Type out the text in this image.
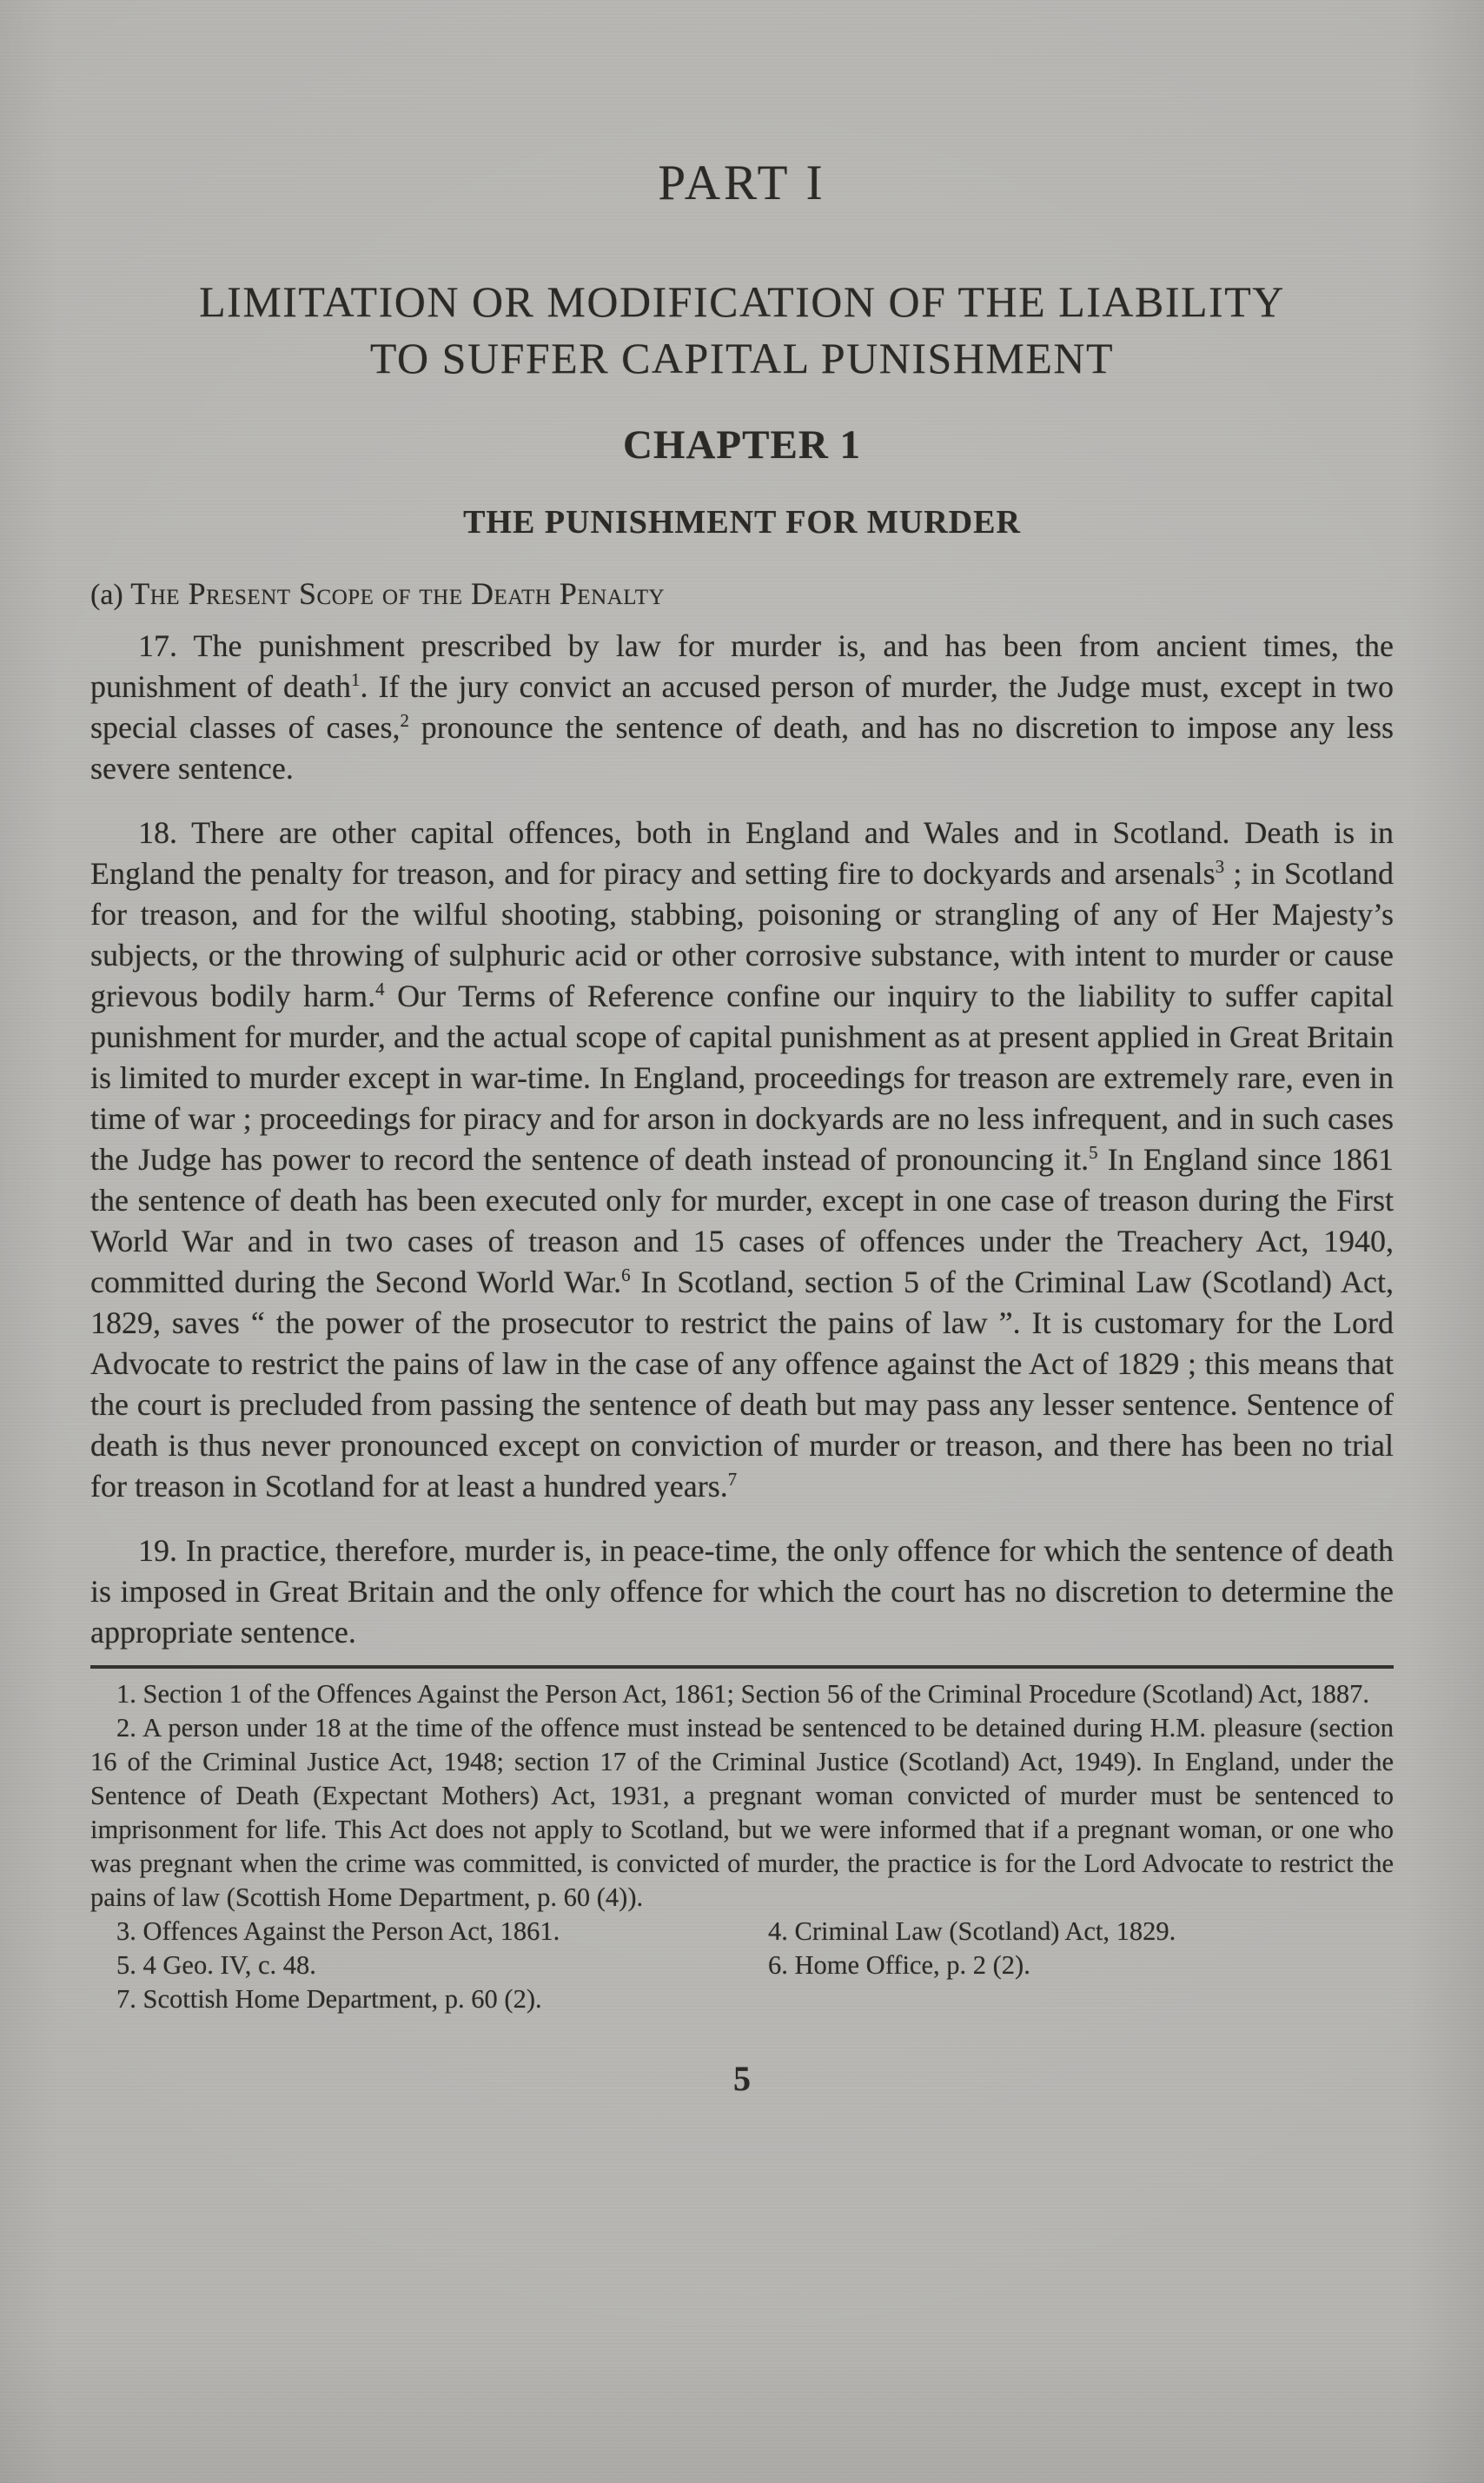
PART I
LIMITATION OR MODIFICATION OF THE LIABILITY
TO SUFFER CAPITAL PUNISHMENT
CHAPTER 1
THE PUNISHMENT FOR MURDER
(a) The Present Scope of the Death Penalty

17. The punishment prescribed by law for murder is, and has been from ancient times, the punishment of death$^1$. If the jury convict an accused person of murder, the Judge must, except in two special classes of cases,$^2$ pronounce the sentence of death, and has no discretion to impose any less severe sentence.

18. There are other capital offences, both in England and Wales and in Scotland. Death is in England the penalty for treason, and for piracy and setting fire to dockyards and arsenals$^3$ ; in Scotland for treason, and for the wilful shooting, stabbing, poisoning or strangling of any of Her Majesty’s subjects, or the throwing of sulphuric acid or other corrosive substance, with intent to murder or cause grievous bodily harm.$^4$ Our Terms of Reference confine our inquiry to the liability to suffer capital punishment for murder, and the actual scope of capital punishment as at present applied in Great Britain is limited to murder except in war-time. In England, proceedings for treason are extremely rare, even in time of war ; proceedings for piracy and for arson in dockyards are no less infrequent, and in such cases the Judge has power to record the sentence of death instead of pronouncing it.$^5$ In England since 1861 the sentence of death has been executed only for murder, except in one case of treason during the First World War and in two cases of treason and 15 cases of offences under the Treachery Act, 1940, committed during the Second World War.$^6$ In Scotland, section 5 of the Criminal Law (Scotland) Act, 1829, saves “ the power of the prosecutor to restrict the pains of law ”. It is customary for the Lord Advocate to restrict the pains of law in the case of any offence against the Act of 1829 ; this means that the court is precluded from passing the sentence of death but may pass any lesser sentence. Sentence of death is thus never pronounced except on conviction of murder or treason, and there has been no trial for treason in Scotland for at least a hundred years.$^7$

19. In practice, therefore, murder is, in peace-time, the only offence for which the sentence of death is imposed in Great Britain and the only offence for which the court has no discretion to determine the appropriate sentence.

1. Section 1 of the Offences Against the Person Act, 1861; Section 56 of the Criminal Procedure (Scotland) Act, 1887.

2. A person under 18 at the time of the offence must instead be sentenced to be detained during H.M. pleasure (section 16 of the Criminal Justice Act, 1948; section 17 of the Criminal Justice (Scotland) Act, 1949). In England, under the Sentence of Death (Expectant Mothers) Act, 1931, a pregnant woman convicted of murder must be sentenced to imprisonment for life. This Act does not apply to Scotland, but we were informed that if a pregnant woman, or one who was pregnant when the crime was committed, is convicted of murder, the practice is for the Lord Advocate to restrict the pains of law (Scottish Home Department, p. 60 (4)).

3. Offences Against the Person Act, 1861.

5. 4 Geo. IV, c. 48.

7. Scottish Home Department, p. 60 (2).

4. Criminal Law (Scotland) Act, 1829.

6. Home Office, p. 2 (2).

5
